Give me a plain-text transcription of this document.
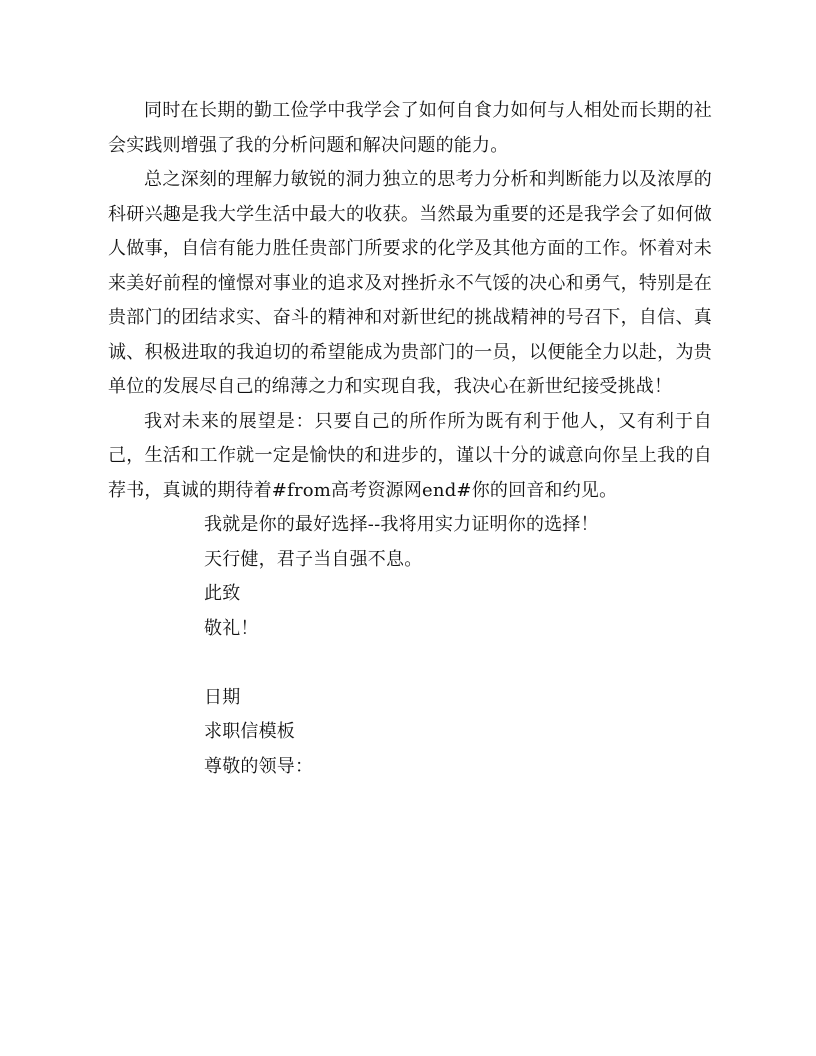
同时在长期的勤工俭学中我学会了如何自食力如何与人相处而长期的社会实践则增强了我的分析问题和解决问题的能力。

总之深刻的理解力敏锐的洞力独立的思考力分析和判断能力以及浓厚的科研兴趣是我大学生活中最大的收获。当然最为重要的还是我学会了如何做人做事，自信有能力胜任贵部门所要求的化学及其他方面的工作。怀着对未来美好前程的憧憬对事业的追求及对挫折永不气馁的决心和勇气，特别是在贵部门的团结求实、奋斗的精神和对新世纪的挑战精神的号召下，自信、真诚、积极进取的我迫切的希望能成为贵部门的一员，以便能全力以赴，为贵单位的发展尽自己的绵薄之力和实现自我，我决心在新世纪接受挑战！

我对未来的展望是：只要自己的所作所为既有利于他人，又有利于自己，生活和工作就一定是愉快的和进步的，谨以十分的诚意向你呈上我的自荐书，真诚的期待着#from高考资源网end#你的回音和约见。

我就是你的最好选择--我将用实力证明你的选择！

天行健，君子当自强不息。

此致

敬礼！

日期

求职信模板

尊敬的领导：
